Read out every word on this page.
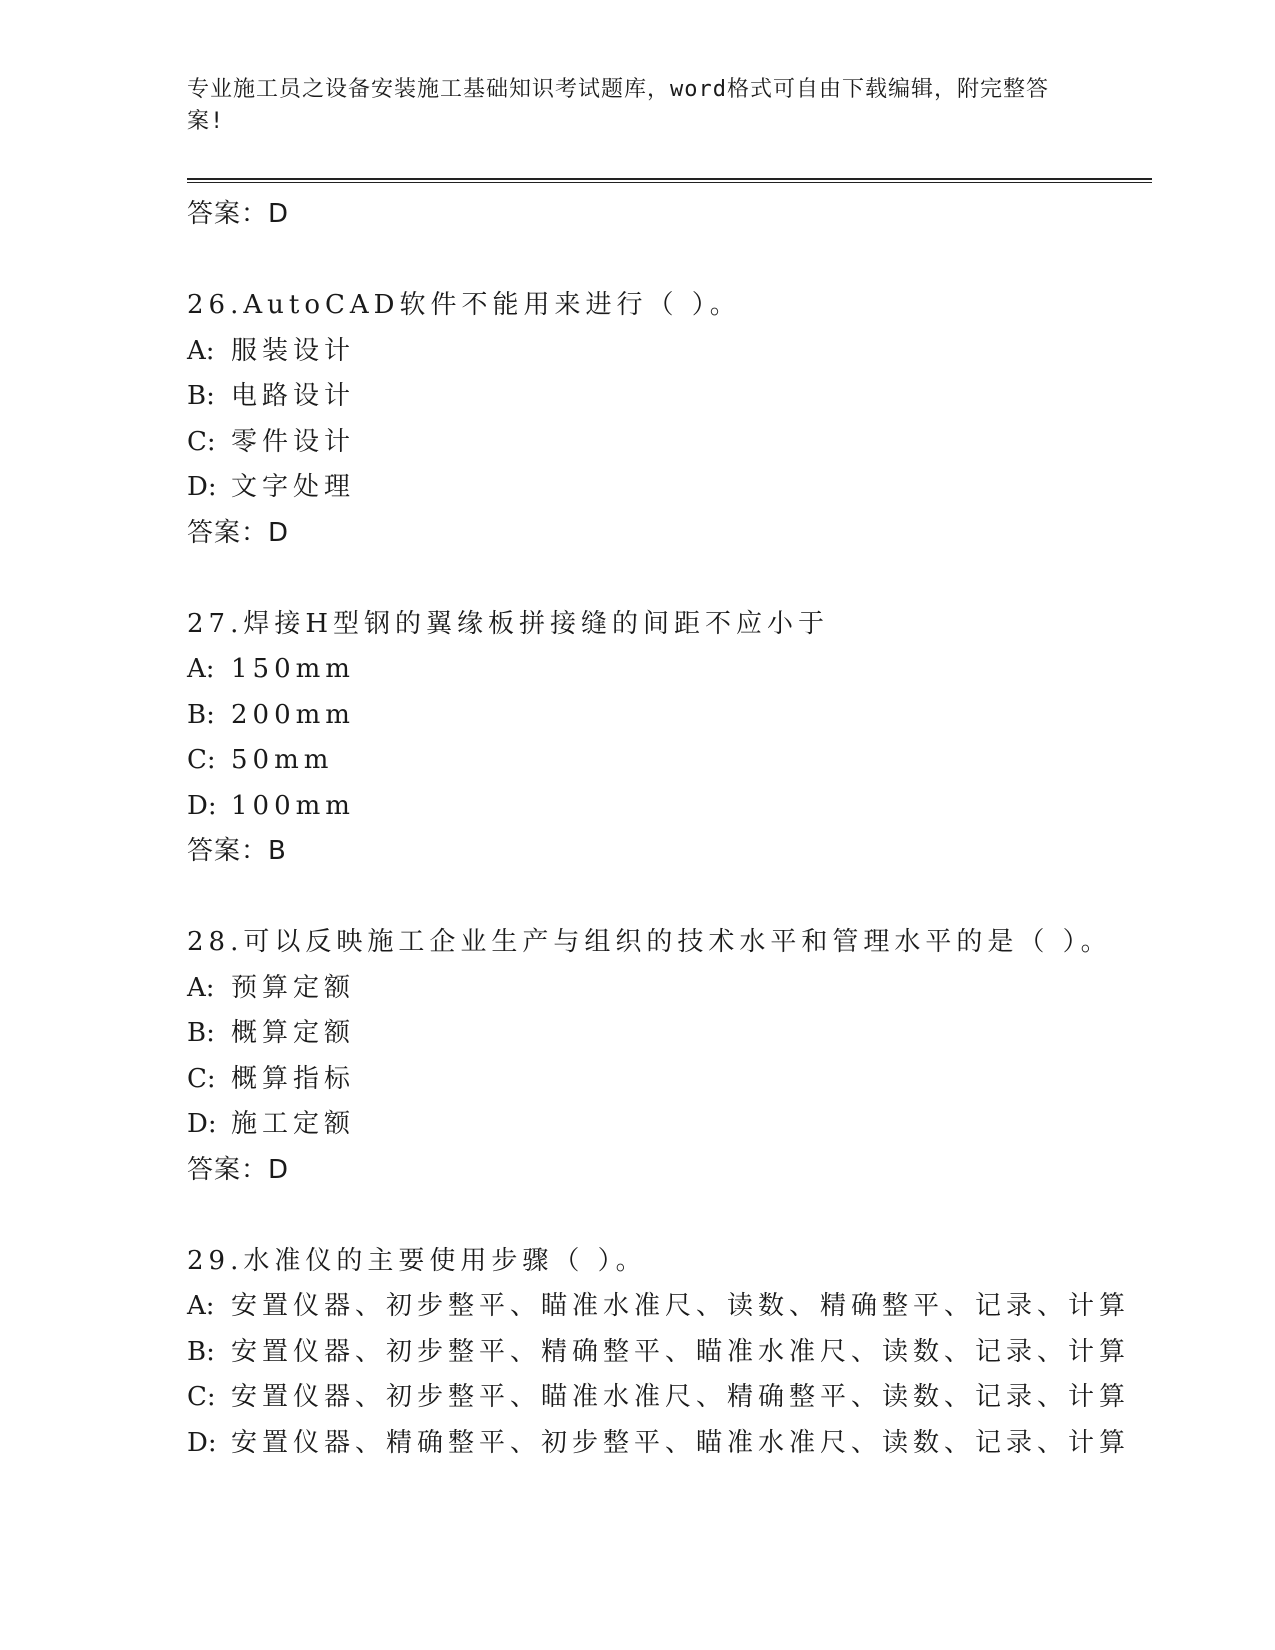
专业施工员之设备安装施工基础知识考试题库，word格式可自由下载编辑，附完整答案!
答案：D
26.AutoCAD软件不能用来进行（ ）。
A: 服装设计
B: 电路设计
C: 零件设计
D: 文字处理
答案：D
27.焊接H型钢的翼缘板拼接缝的间距不应小于
A: 150mm
B: 200mm
C: 50mm
D: 100mm
答案：B
28.可以反映施工企业生产与组织的技术水平和管理水平的是（ ）。
A: 预算定额
B: 概算定额
C: 概算指标
D: 施工定额
答案：D
29.水准仪的主要使用步骤（ ）。
A: 安置仪器、初步整平、瞄准水准尺、读数、精确整平、记录、计算
B: 安置仪器、初步整平、精确整平、瞄准水准尺、读数、记录、计算
C: 安置仪器、初步整平、瞄准水准尺、精确整平、读数、记录、计算
D: 安置仪器、精确整平、初步整平、瞄准水准尺、读数、记录、计算
